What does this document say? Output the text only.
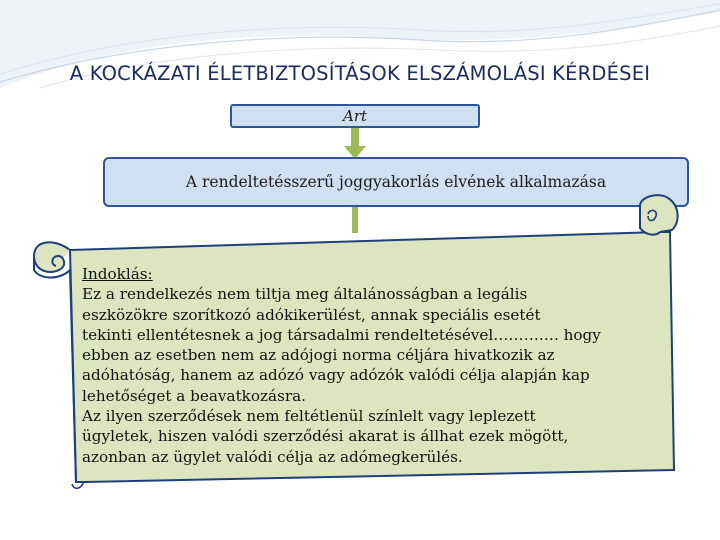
A KOCKÁZATI ÉLETBIZTOSÍTÁSOK ELSZÁMOLÁSI KÉRDÉSEI
Art
A rendeltetésszerű joggyakorlás elvének alkalmazása
Indoklás:
Ez a rendelkezés nem tiltja meg általánosságban a legális
eszközökre szorítkozó adókikerülést, annak speciális esetét
tekinti ellentétesnek a jog társadalmi rendeltetésével…………. hogy
ebben az esetben nem az adójogi norma céljára hivatkozik az
adóhatóság, hanem az adózó vagy adózók valódi célja alapján kap
lehetőséget a beavatkozásra.
Az ilyen szerződések nem feltétlenül színlelt vagy leplezett
ügyletek, hiszen valódi szerződési akarat is állhat ezek mögött,
azonban az ügylet valódi célja az adómegkerülés.
